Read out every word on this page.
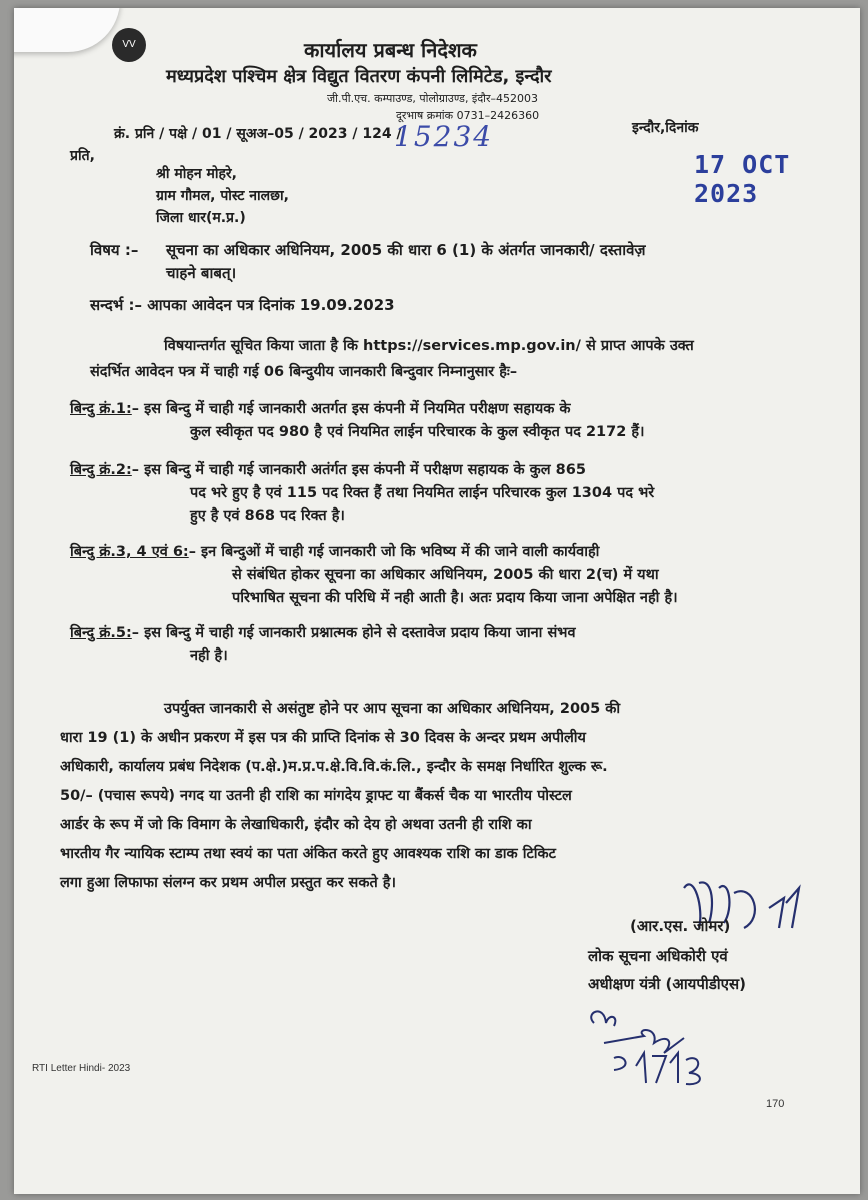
VV	कार्यालय प्रबन्ध निदेशक
मध्यप्रदेश पश्चिम क्षेत्र विद्युत वितरण कंपनी लिमिटेड, इन्दौर
जी.पी.एच. कम्पाउण्ड, पोलोग्राउण्ड, इंदौर–452003
दूरभाष क्रमांक 0731–2426360
क्रं. प्रनि / पक्षे / 01 / सूअअ–05 / 2023 / 124 /
15234	इन्दौर,दिनांक
17 OCT 2023
प्रति,
श्री मोहन मोहरे,
ग्राम गौमल, पोस्ट नालछा,
जिला धार(म.प्र.)
विषय :– सूचना का अधिकार अधिनियम, 2005 की धारा 6 (1) के अंतर्गत जानकारी/ दस्तावेज़
चाहने बाबत्।
सन्दर्भ :– आपका आवेदन पत्र दिनांक 19.09.2023
विषयान्तर्गत सूचित किया जाता है कि https://services.mp.gov.in/ से प्राप्त आपके उक्त
संदर्भित आवेदन फ्त्र में चाही गई 06 बिन्दुयीय जानकारी बिन्दुवार निम्नानुसार हैः–
बिन्दु क्रं.1:– इस बिन्दु में चाही गई जानकारी अतर्गत इस कंपनी में नियमित परीक्षण सहायक के
कुल स्वीकृत पद 980 है एवं नियमित लाईन परिचारक के कुल स्वीकृत पद 2172 हैं।
बिन्दु क्रं.2:– इस बिन्दु में चाही गई जानकारी अतंर्गत इस कंपनी में परीक्षण सहायक के कुल 865
पद भरे हुए है एवं 115 पद रिक्त हैं तथा नियमित लाईन परिचारक कुल 1304 पद भरे
हुए है एवं 868 पद रिक्त है।
बिन्दु क्रं.3, 4 एवं 6:– इन बिन्दुओं में चाही गई जानकारी जो कि भविष्य में की जाने वाली कार्यवाही
से संबंधित होकर सूचना का अधिकार अधिनियम, 2005 की धारा 2(च) में यथा
परिभाषित सूचना की परिधि में नही आती है। अतः प्रदाय किया जाना अपेक्षित नही है।
बिन्दु क्रं.5:– इस बिन्दु में चाही गई जानकारी प्रश्नात्मक होने से दस्तावेज प्रदाय किया जाना संभव
नही है।
उपर्युक्त जानकारी से असंतुष्ट होने पर आप सूचना का अधिकार अधिनियम, 2005 की
धारा 19 (1) के अधीन प्रकरण में इस पत्र की प्राप्ति दिनांक से 30 दिवस के अन्दर प्रथम अपीलीय
अधिकारी, कार्यालय प्रबंध निदेशक (प.क्षे.)म.प्र.प.क्षे.वि.वि.कं.लि., इन्दौर के समक्ष निर्धारित शुल्क रू.
50/– (पचास रूपये) नगद या उतनी ही राशि का मांगदेय ड्राफ्ट या बैंकर्स चैक या भारतीय पोस्टल
आर्डर के रूप में जो कि विमाग के लेखाधिकारी, इंदौर को देय हो अथवा उतनी ही राशि का
भारतीय गैर न्यायिक स्टाम्प तथा स्वयं का पता अंकित करते हुए आवश्यक राशि का डाक टिकिट
लगा हुआ लिफाफा संलग्न कर प्रथम अपील प्रस्तुत कर सकते है।
(आर.एस. जोमर)
लोक सूचना अधिकोरी एवं
अधीक्षण यंत्री (आयपीडीएस)
RTI Letter Hindi- 2023
170
